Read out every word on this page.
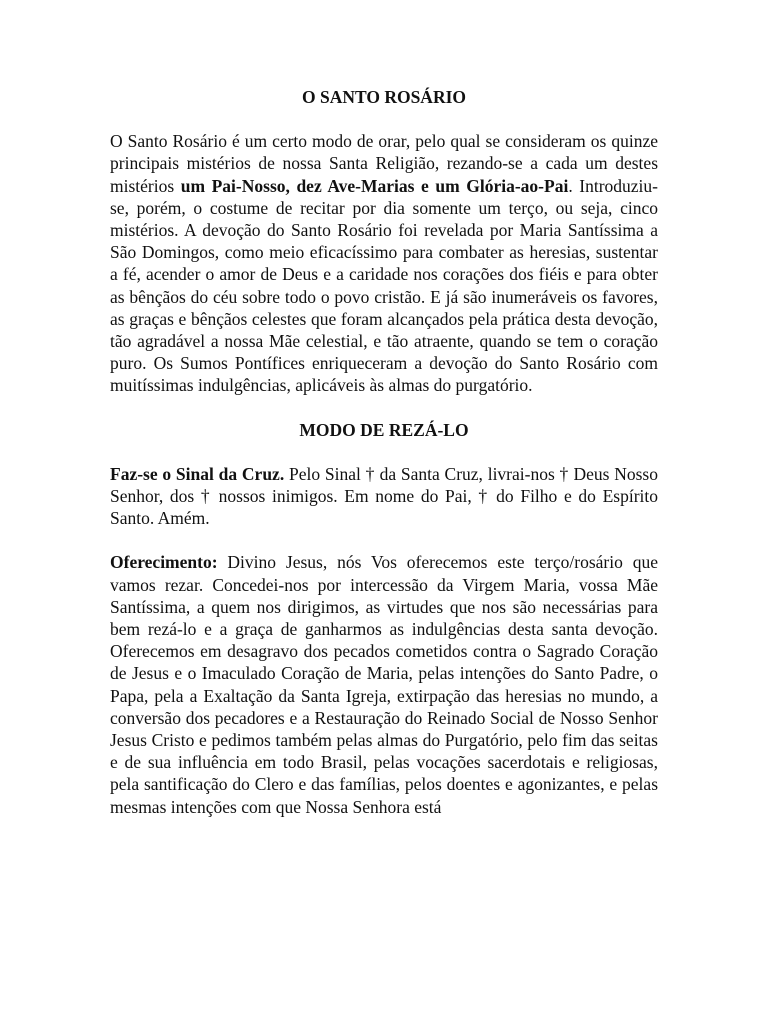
O SANTO ROSÁRIO

O Santo Rosário é um certo modo de orar, pelo qual se consideram os quinze principais mistérios de nossa Santa Religião, rezando-se a cada um destes mistérios um Pai-Nosso, dez Ave-Marias e um Glória-ao-Pai. Introduziu-se, porém, o costume de recitar por dia somente um terço, ou seja, cinco mistérios. A devoção do Santo Rosário foi revelada por Maria Santíssima a São Domingos, como meio eficacíssimo para combater as heresias, sustentar a fé, acender o amor de Deus e a caridade nos corações dos fiéis e para obter as bênçãos do céu sobre todo o povo cristão. E já são inumeráveis os favores, as graças e bênçãos celestes que foram alcançados pela prática desta devoção, tão agradável a nossa Mãe celestial, e tão atraente, quando se tem o coração puro. Os Sumos Pontífices enriqueceram a devoção do Santo Rosário com muitíssimas indulgências, aplicáveis às almas do purgatório.

MODO DE REZÁ-LO

Faz-se o Sinal da Cruz. Pelo Sinal † da Santa Cruz, livrai-nos † Deus Nosso Senhor, dos † nossos inimigos. Em nome do Pai, † do Filho e do Espírito Santo. Amém.

Oferecimento: Divino Jesus, nós Vos oferecemos este terço/rosário que vamos rezar. Concedei-nos por intercessão da Virgem Maria, vossa Mãe Santíssima, a quem nos dirigimos, as virtudes que nos são necessárias para bem rezá-lo e a graça de ganharmos as indulgências desta santa devoção. Oferecemos em desagravo dos pecados cometidos contra o Sagrado Coração de Jesus e o Imaculado Coração de Maria, pelas intenções do Santo Padre, o Papa, pela a Exaltação da Santa Igreja, extirpação das heresias no mundo, a conversão dos pecadores e a Restauração do Reinado Social de Nosso Senhor Jesus Cristo e pedimos também pelas almas do Purgatório, pelo fim das seitas e de sua influência em todo Brasil, pelas vocações sacerdotais e religiosas, pela santificação do Clero e das famílias, pelos doentes e agonizantes, e pelas mesmas intenções com que Nossa Senhora está
